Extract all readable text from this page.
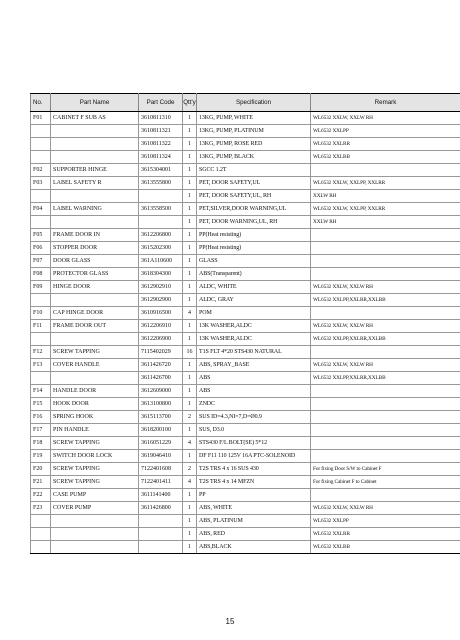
No.	Part Name	Part Code	Qtt'y	Specification	Remark
F01	CABINET F SUB AS	3610811310	1	13KG, PUMP, WHITE	WL6532 XXLW, XXLW RH
		3610811321	1	13KG, PUMP, PLATINUM	WL6532 XXLPP
		3610811322	1	13KG, PUMP, ROSE RED	WL6532 XXLRR
		3610811324	1	13KG, PUMP, BLACK	WL6532 XXLBB
F02	SUPPORTER HINGE	3615304001	1	SGCC 1.2T	
F03	LABEL SAFETY R	3613555800	1	PET, DOOR SAFETY,UL	WL6532 XXLW, XXLPP, XXLRR
			1	PET, DOOR SAFETY,UL, RH	XXLW RH
F04	LABEL WARNING	3613558500	1	PET,SILVER,DOOR WARNING,UL	WL6532 XXLW, XXLPP, XXLRR
			1	PET, DOOR WARNING,UL, RH	XXLW RH
F05	FRAME DOOR IN	3612206800	1	PP(Heat resisting)	
F06	STOPPER DOOR	3615202300	1	PP(Heat resisting)	
F07	DOOR GLASS	361A110600	1	GLASS	
F08	PROTECTOR GLASS	3618304300	1	ABS(Transparent)	
F09	HINGE DOOR	3612902910	1	ALDC, WHITE	WL6532 XXLW, XXLW RH
		3612902900	1	ALDC, GRAY	WL6532 XXLPP,XXLRR,XXLBB
F10	CAP HINGE DOOR	3610916500	4	POM	
F11	FRAME DOOR OUT	3612206910	1	13K WASHER,ALDC	WL6532 XXLW, XXLW RH
		3612206900	1	13K WASHER,ALDC	WL6532 XXLPP,XXLRR,XXLBB
F12	SCREW TAPPING	7115402029	16	T1S FLT 4*20 STS430 NATURAL	
F13	COVER HANDLE	3611426720	1	ABS, SPRAY_BASE	WL6532 XXLW, XXLW RH
		3611426700	1	ABS	WL6532 XXLPP,XXLRR,XXLBB
F14	HANDLE DOOR	3612609000	1	ABS	
F15	HOOK DOOR	3613100800	1	ZNDC	
F16	SPRING HOOK	3615113700	2	SUS ID=4.3,NI=7,D=Ø0.9	
F17	PIN HANDLE	3618200100	1	SUS, D3.0	
F18	SCREW TAPPING	3616051229	4	STS430 F/L BOLT(SE) 5*12	
F19	SWITCH DOOR LOCK	3619046410	1	DF F11 110 125V 16A PTC-SOLENOID	
F20	SCREW TAPPING	7122401608	2	T2S TRS 4 x 16 SUS 430	For fixing Door S/W to Cabinet F
F21	SCREW TAPPING	7122401411	4	T2S TRS 4 x 14 MFZN	For fixing Cabinet F to Cabinet
F22	CASE PUMP	3611141400	1	PP	
F23	COVER PUMP	3611426800	1	ABS, WHITE	WL6532 XXLW, XXLW RH
			1	ABS, PLATINUM	WL6532 XXLPP
			1	ABS, RED	WL6532 XXLRR
			1	ABS,BLACK	WL6532 XXLBB
15
